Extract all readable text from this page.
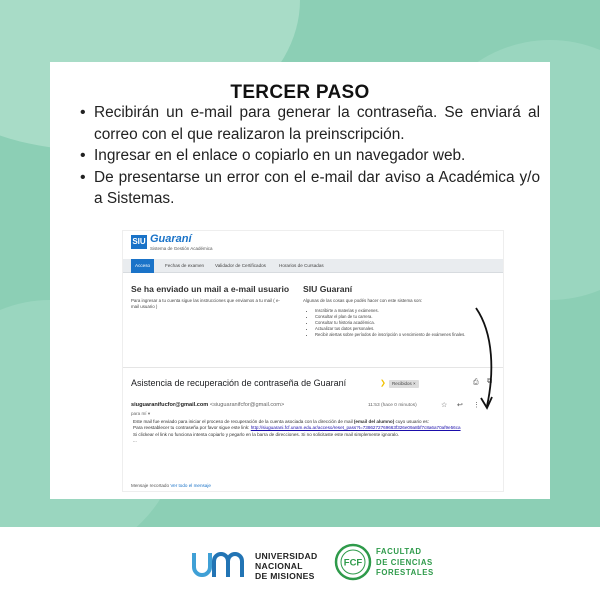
TERCER PASO
• Recibirán un e-mail para generar la contraseña. Se enviará al correo con el que realizaron la preinscripción.
• Ingresar en el enlace o copiarlo en un navegador web.
• De presentarse un error con el e-mail dar aviso a Académica y/o a Sistemas.
SIU Guaraní
Sistema de Gestión Académica
Acceso	Fechas de examen	Validador de Certificados	Horarios de Cursadas
Se ha enviado un mail a e-mail usuario
Para ingresar a tu cuenta sigue las instrucciones que enviamos a tu mail ( e-mail usuario )
SIU Guaraní
Algunas de las cosas que podés hacer con este sistema son:
• Inscribirte a materias y exámenes.
• Consultar el plan de tu carrera.
• Consultar tu historia académica.
• Actualizar tus datos personales.
• Recibir alertas sobre períodos de inscripción o vencimiento de exámenes finales.
Asistencia de recuperación de contraseña de Guaraní	❯	Recibidos ×	⎙ ⧉
siuguaranifucfor@gmail.com <siuguaranifcfor@gmail.com>
para mí ▾
11:53 (hace 0 minutos)	☆ ↩ ⋮
Este mail fue enviado para iniciar el proceso de recuperación de la cuenta asociada con la dirección de mail (email del alumno) cuyo usuario es:
Para reestablecer tu contraseña por favor sigue este link: http://siuguarani.fcf.unam.edu.ar/acceso/reset_pass?t=7386272769663f326e09a8bf7c8a6a70af9e56ca
Si clickear el link no funciona intenta copiarlo y pegarlo en la barra de direcciones. Si no solicitaste este mail simplemente ignoralo.
...
Mensaje recortado Ver todo el mensaje
UNIVERSIDAD
NACIONAL
DE MISIONES
FCF
FACULTAD
DE CIENCIAS
FORESTALES
